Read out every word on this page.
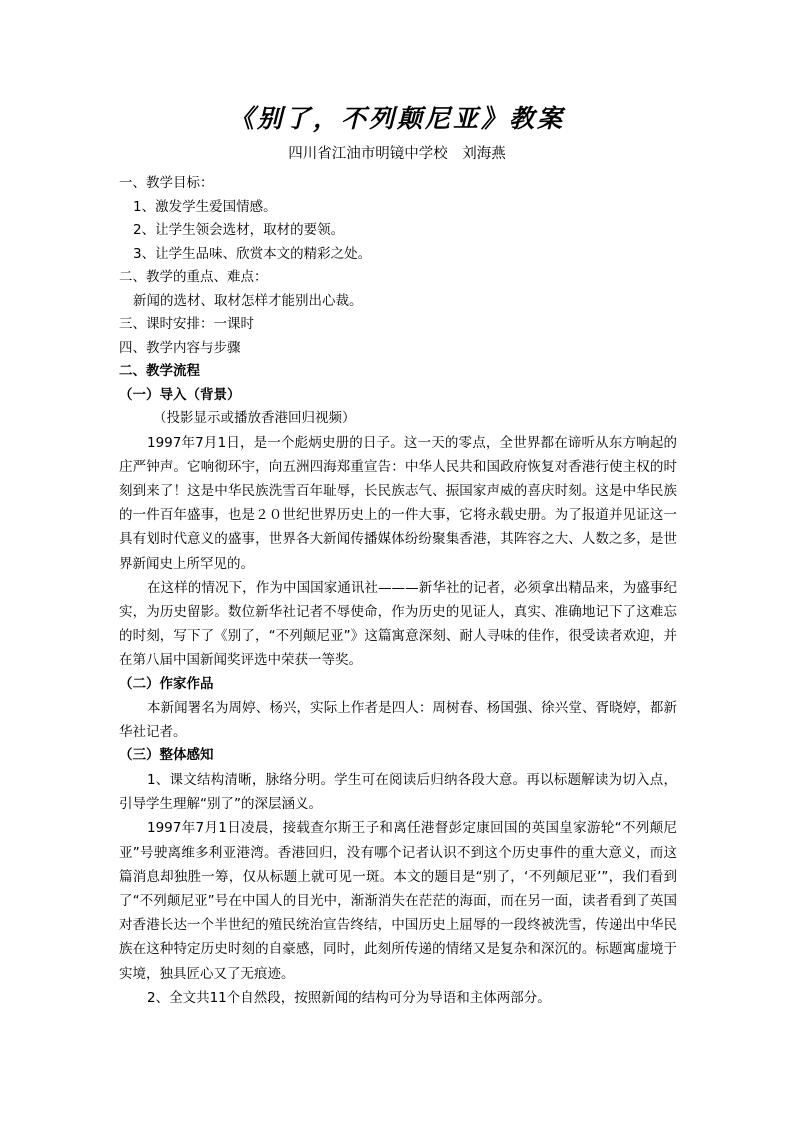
《别了，不列颠尼亚》教案
四川省江油市明镜中学校　刘海燕

一、教学目标：

1、激发学生爱国情感。

2、让学生领会选材，取材的要领。

3、让学生品味、欣赏本文的精彩之处。

二、教学的重点、难点：

新闻的选材、取材怎样才能别出心裁。

三、课时安排：一课时

四、教学内容与步骤

二、教学流程

（一）导入（背景）

（投影显示或播放香港回归视频）

1997年7月1日，是一个彪炳史册的日子。这一天的零点，全世界都在谛听从东方响起的庄严钟声。它响彻环宇，向五洲四海郑重宣告：中华人民共和国政府恢复对香港行使主权的时刻到来了！这是中华民族洗雪百年耻辱，长民族志气、振国家声威的喜庆时刻。这是中华民族的一件百年盛事，也是２０世纪世界历史上的一件大事，它将永载史册。为了报道并见证这一具有划时代意义的盛事，世界各大新闻传播媒体纷纷聚集香港，其阵容之大、人数之多，是世界新闻史上所罕见的。

在这样的情况下，作为中国国家通讯社———新华社的记者，必须拿出精品来，为盛事纪实，为历史留影。数位新华社记者不辱使命，作为历史的见证人，真实、准确地记下了这难忘的时刻，写下了《别了，“不列颠尼亚”》这篇寓意深刻、耐人寻味的佳作，很受读者欢迎，并在第八届中国新闻奖评选中荣获一等奖。

（二）作家作品

本新闻署名为周婷、杨兴，实际上作者是四人：周树春、杨国强、徐兴堂、胥晓婷，都新华社记者。

（三）整体感知

1、课文结构清晰，脉络分明。学生可在阅读后归纳各段大意。再以标题解读为切入点，引导学生理解“别了”的深层涵义。

1997年7月1日凌晨，接载查尔斯王子和离任港督彭定康回国的英国皇家游轮“不列颠尼亚”号驶离维多利亚港湾。香港回归，没有哪个记者认识不到这个历史事件的重大意义，而这篇消息却独胜一筹，仅从标题上就可见一斑。本文的题目是“别了，‘不列颠尼亚’”，我们看到了“不列颠尼亚”号在中国人的目光中，渐渐消失在茫茫的海面，而在另一面，读者看到了英国对香港长达一个半世纪的殖民统治宣告终结，中国历史上屈辱的一段终被洗雪，传递出中华民族在这种特定历史时刻的自豪感，同时，此刻所传递的情绪又是复杂和深沉的。标题寓虚境于实境，独具匠心又了无痕迹。

2、全文共11个自然段，按照新闻的结构可分为导语和主体两部分。
